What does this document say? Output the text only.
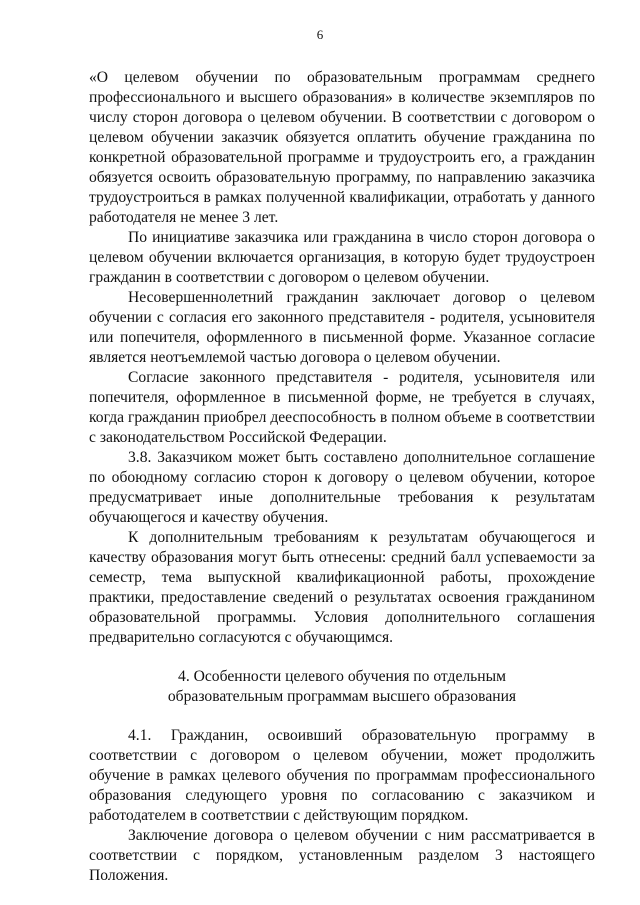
6

«О целевом обучении по образовательным программам среднего профессионального и высшего образования» в количестве экземпляров по числу сторон договора о целевом обучении. В соответствии с договором о целевом обучении заказчик обязуется оплатить обучение гражданина по конкретной образовательной программе и трудоустроить его, а гражданин обязуется освоить образовательную программу, по направлению заказчика трудоустроиться в рамках полученной квалификации, отработать у данного работодателя не менее 3 лет.

По инициативе заказчика или гражданина в число сторон договора о целевом обучении включается организация, в которую будет трудоустроен гражданин в соответствии с договором о целевом обучении.

Несовершеннолетний гражданин заключает договор о целевом обучении с согласия его законного представителя - родителя, усыновителя или попечителя, оформленного в письменной форме. Указанное согласие является неотъемлемой частью договора о целевом обучении.

Согласие законного представителя - родителя, усыновителя или попечителя, оформленное в письменной форме, не требуется в случаях, когда гражданин приобрел дееспособность в полном объеме в соответствии с законодательством Российской Федерации.

3.8. Заказчиком может быть составлено дополнительное соглашение по обоюдному согласию сторон к договору о целевом обучении, которое предусматривает иные дополнительные требования к результатам обучающегося и качеству обучения.

К дополнительным требованиям к результатам обучающегося и качеству образования могут быть отнесены: средний балл успеваемости за семестр, тема выпускной квалификационной работы, прохождение практики, предоставление сведений о результатах освоения гражданином образовательной программы. Условия дополнительного соглашения предварительно согласуются с обучающимся.

4. Особенности целевого обучения по отдельным
образовательным программам высшего образования

4.1. Гражданин, освоивший образовательную программу в соответствии с договором о целевом обучении, может продолжить обучение в рамках целевого обучения по программам профессионального образования следующего уровня по согласованию с заказчиком и работодателем в соответствии с действующим порядком.

Заключение договора о целевом обучении с ним рассматривается в соответствии с порядком, установленным разделом 3 настоящего Положения.
